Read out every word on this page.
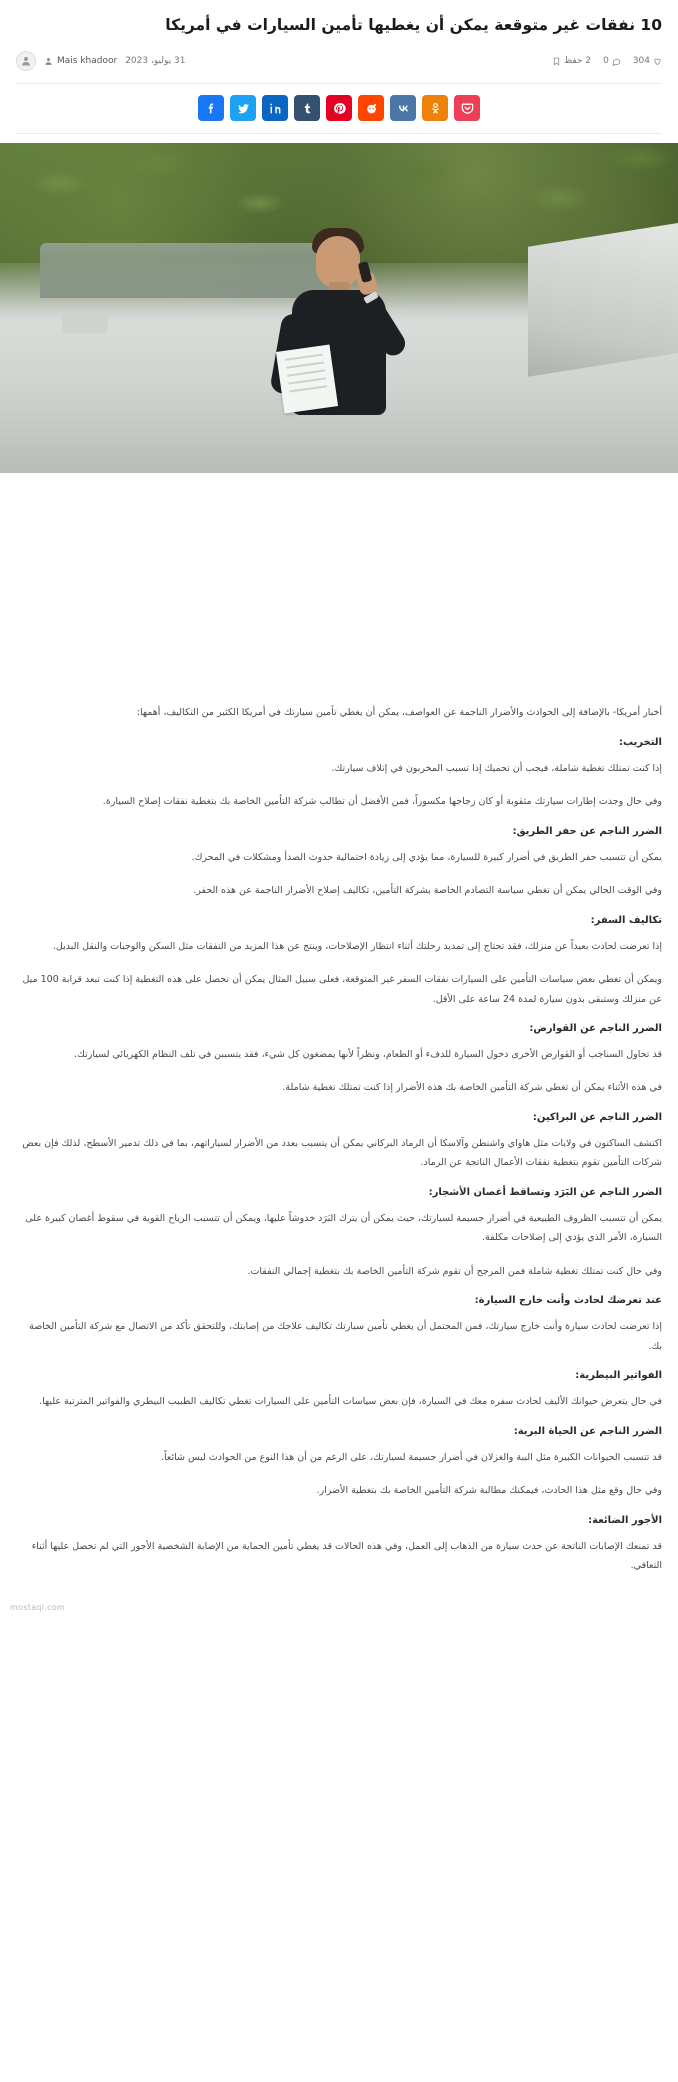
10 نفقات غير متوقعة يمكن أن يغطيها تأمين السيارات في أمريكا
Mais khadoor 31 يوليو، 2023	2 حفظ 0	304

أخبار أمريكا- بالإضافة إلى الحوادث والأضرار الناجمة عن العواصف، يمكن أن يغطي تأمين سيارتك في أمريكا الكثير من التكاليف، أهمها:

التخريب:

إذا كنت تمتلك تغطية شاملة، فيجب أن تحميك إذا تسبب المخربون في إتلاف سيارتك.

وفي حال وجدت إطارات سيارتك مثقوبة أو كان زجاجها مكسوراً، فمن الأفضل أن تطالب شركة التأمين الخاصة بك بتغطية نفقات إصلاح السيارة.

الضرر الناجم عن حفر الطريق:

يمكن أن تتسبب حفر الطريق في أضرار كبيرة للسيارة، مما يؤدي إلى زيادة احتمالية حدوث الصدأ ومشكلات في المحرك.

وفي الوقت الحالي يمكن أن تغطي سياسة التصادم الخاصة بشركة التأمين، تكاليف إصلاح الأضرار الناجمة عن هذه الحفر.

تكاليف السفر:

إذا تعرضت لحادث بعيداً عن منزلك، فقد تحتاج إلى تمديد رحلتك أثناء انتظار الإصلاحات، وينتج عن هذا المزيد من النفقات مثل السكن والوجبات والنقل البديل.

ويمكن أن تغطي بعض سياسات التأمين على السيارات نفقات السفر غير المتوقعة، فعلى سبيل المثال يمكن أن تحصل على هذه التغطية إذا كنت تبعد قرابة 100 ميل عن منزلك وستبقى بدون سيارة لمدة 24 ساعة على الأقل.

الضرر الناجم عن القوارض:

قد تحاول السناجب أو القوارض الأخرى دخول السيارة للدفء أو الطعام، ونظراً لأنها يمضغون كل شيء، فقد يتسببن في تلف النظام الكهربائي لسيارتك.

في هذه الأثناء يمكن أن تغطي شركة التأمين الخاصة بك هذه الأضرار إذا كنت تمتلك تغطية شاملة.

الضرر الناجم عن البراكين:

اكتشف الساكنون في ولايات مثل هاواي واشنطن وآلاسكا أن الرماد البركاني يمكن أن يتسبب بعدد من الأضرار لسياراتهم، بما في ذلك تدمير الأسطح، لذلك فإن بعض شركات التأمين تقوم بتغطية نفقات الأعمال الناتجة عن الرماد.

الضرر الناجم عن البَرَد وتساقط أغصان الأشجار:

يمكن أن تتسبب الظروف الطبيعية في أضرار جسيمة لسيارتك، حيث يمكن أن يترك البَرَد خدوشاً عليها، ويمكن أن تتسبب الرياح القوية في سقوط أغصان كبيرة على السيارة، الأمر الذي يؤدي إلى إصلاحات مكلفة.

وفي حال كنت تمتلك تغطية شاملة فمن المرجح أن تقوم شركة التأمين الخاصة بك بتغطية إجمالي النفقات.

عند تعرضك لحادث وأنت خارج السيارة:

إذا تعرضت لحادث سيارة وأنت خارج سيارتك، فمن المحتمل أن يغطي تأمين سيارتك تكاليف علاجك من إصابتك، وللتحقق تأكد من الاتصال مع شركة التأمين الخاصة بك.

الفواتير البيطرية:

في حال يتعرض حيوانك الأليف لحادث سفره معك في السيارة، فإن بعض سياسات التأمين على السيارات تغطي تكاليف الطبيب البيطري والفواتير المترتبة عليها.

الضرر الناجم عن الحياة البرية:

قد تتسبب الحيوانات الكبيرة مثل الببة والغزلان في أضرار جسيمة لسيارتك، على الرغم من أن هذا النوع من الحوادث ليس شائعاً.

وفي حال وقع مثل هذا الحادث، فيمكنك مطالبة شركة التأمين الخاصة بك بتغطية الأضرار.

الأجور الضائعة:

قد تمنعك الإصابات الناتجة عن حدث سيارة من الذهاب إلى العمل، وفي هذه الحالات قد يغطي تأمين الحماية من الإصابة الشخصية الأجور التي لم تحصل عليها أثناء التعافي.

mostaql.com
